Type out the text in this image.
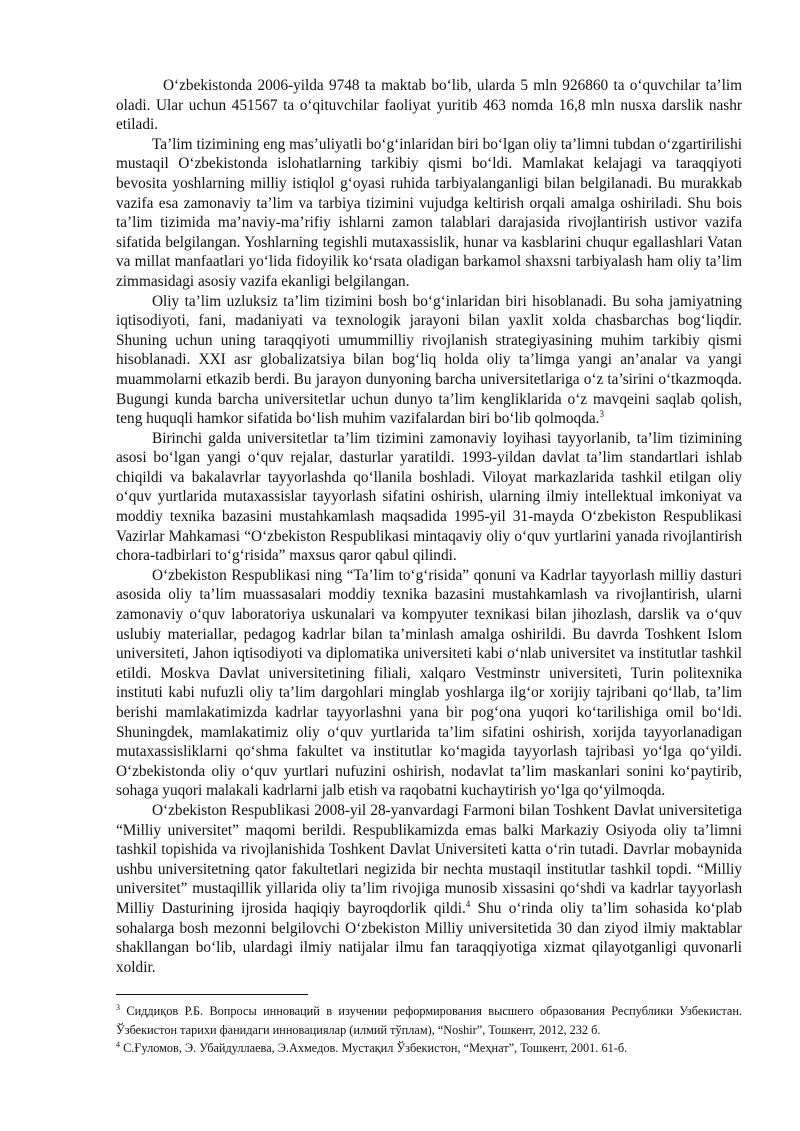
O‘zbekistonda 2006-yilda 9748 ta maktab bo‘lib, ularda 5 mln 926860 ta o‘quvchilar ta’lim oladi. Ular uchun 451567 ta o‘qituvchilar faoliyat yuritib 463 nomda 16,8 mln nusxa darslik nashr etiladi.

Ta’lim tizimining eng mas’uliyatli bo‘g‘inlaridan biri bo‘lgan oliy ta’limni tubdan o‘zgartirilishi mustaqil O‘zbekistonda islohatlarning tarkibiy qismi bo‘ldi. Mamlakat kelajagi va taraqqiyoti bevosita yoshlarning milliy istiqlol g‘oyasi ruhida tarbiyalanganligi bilan belgilanadi. Bu murakkab vazifa esa zamonaviy ta’lim va tarbiya tizimini vujudga keltirish orqali amalga oshiriladi. Shu bois ta’lim tizimida ma’naviy-ma’rifiy ishlarni zamon talablari darajasida rivojlantirish ustivor vazifa sifatida belgilangan. Yoshlarning tegishli mutaxassislik, hunar va kasblarini chuqur egallashlari Vatan va millat manfaatlari yo‘lida fidoyilik ko‘rsata oladigan barkamol shaxsni tarbiyalash ham oliy ta’lim zimmasidagi asosiy vazifa ekanligi belgilangan.

Oliy ta’lim uzluksiz ta’lim tizimini bosh bo‘g‘inlaridan biri hisoblanadi. Bu soha jamiyatning iqtisodiyoti, fani, madaniyati va texnologik jarayoni bilan yaxlit xolda chasbarchas bog‘liqdir. Shuning uchun uning taraqqiyoti umummilliy rivojlanish strategiyasining muhim tarkibiy qismi hisoblanadi. XXI asr globalizatsiya bilan bog‘liq holda oliy ta’limga yangi an’analar va yangi muammolarni etkazib berdi. Bu jarayon dunyoning barcha universitetlariga o‘z ta’sirini o‘tkazmoqda. Bugungi kunda barcha universitetlar uchun dunyo ta’lim kengliklarida o‘z mavqeini saqlab qolish, teng huquqli hamkor sifatida bo‘lish muhim vazifalardan biri bo‘lib qolmoqda.$^3$

Birinchi galda universitetlar ta’lim tizimini zamonaviy loyihasi tayyorlanib, ta’lim tizimining asosi bo‘lgan yangi o‘quv rejalar, dasturlar yaratildi. 1993-yildan davlat ta’lim standartlari ishlab chiqildi va bakalavrlar tayyorlashda qo‘llanila boshladi. Viloyat markazlarida tashkil etilgan oliy o‘quv yurtlarida mutaxassislar tayyorlash sifatini oshirish, ularning ilmiy intellektual imkoniyat va moddiy texnika bazasini mustahkamlash maqsadida 1995-yil 31-mayda O‘zbekiston Respublikasi Vazirlar Mahkamasi “O‘zbekiston Respublikasi mintaqaviy oliy o‘quv yurtlarini yanada rivojlantirish chora-tadbirlari to‘g‘risida” maxsus qaror qabul qilindi.

O‘zbekiston Respublikasi ning “Ta’lim to‘g‘risida” qonuni va Kadrlar tayyorlash milliy dasturi asosida oliy ta’lim muassasalari moddiy texnika bazasini mustahkamlash va rivojlantirish, ularni zamonaviy o‘quv laboratoriya uskunalari va kompyuter texnikasi bilan jihozlash, darslik va o‘quv uslubiy materiallar, pedagog kadrlar bilan ta’minlash amalga oshirildi. Bu davrda Toshkent Islom universiteti, Jahon iqtisodiyoti va diplomatika universiteti kabi o‘nlab universitet va institutlar tashkil etildi. Moskva Davlat universitetining filiali, xalqaro Vestminstr universiteti, Turin politexnika instituti kabi nufuzli oliy ta’lim dargohlari minglab yoshlarga ilg‘or xorijiy tajribani qo‘llab, ta’lim berishi mamlakatimizda kadrlar tayyorlashni yana bir pog‘ona yuqori ko‘tarilishiga omil bo‘ldi. Shuningdek, mamlakatimiz oliy o‘quv yurtlarida ta’lim sifatini oshirish, xorijda tayyorlanadigan mutaxassisliklarni qo‘shma fakultet va institutlar ko‘magida tayyorlash tajribasi yo‘lga qo‘yildi. O‘zbekistonda oliy o‘quv yurtlari nufuzini oshirish, nodavlat ta’lim maskanlari sonini ko‘paytirib, sohaga yuqori malakali kadrlarni jalb etish va raqobatni kuchaytirish yo‘lga qo‘yilmoqda.

O‘zbekiston Respublikasi 2008-yil 28-yanvardagi Farmoni bilan Toshkent Davlat universitetiga “Milliy universitet” maqomi berildi. Respublikamizda emas balki Markaziy Osiyoda oliy ta’limni tashkil topishida va rivojlanishida Toshkent Davlat Universiteti katta o‘rin tutadi. Davrlar mobaynida ushbu universitetning qator fakultetlari negizida bir nechta mustaqil institutlar tashkil topdi. “Milliy universitet” mustaqillik yillarida oliy ta’lim rivojiga munosib xissasini qo‘shdi va kadrlar tayyorlash Milliy Dasturining ijrosida haqiqiy bayroqdorlik qildi.$^4$ Shu o‘rinda oliy ta’lim sohasida ko‘plab sohalarga bosh mezonni belgilovchi O‘zbekiston Milliy universitetida 30 dan ziyod ilmiy maktablar shakllangan bo‘lib, ulardagi ilmiy natijalar ilmu fan taraqqiyotiga xizmat qilayotganligi quvonarli xoldir.

$^3$ Сиддиқов Р.Б. Вопросы инноваций в изучении реформирования высшего образования Республики Узбекистан. Ўзбекистон тарихи фанидаги инновациялар (илмий тўплам), “Noshir”, Тошкент, 2012, 232 б.

$^4$ С.Ғуломов, Э. Убайдуллаева, Э.Ахмедов. Мустақил Ўзбекистон, “Меҳнат”, Тошкент, 2001. 61-б.
